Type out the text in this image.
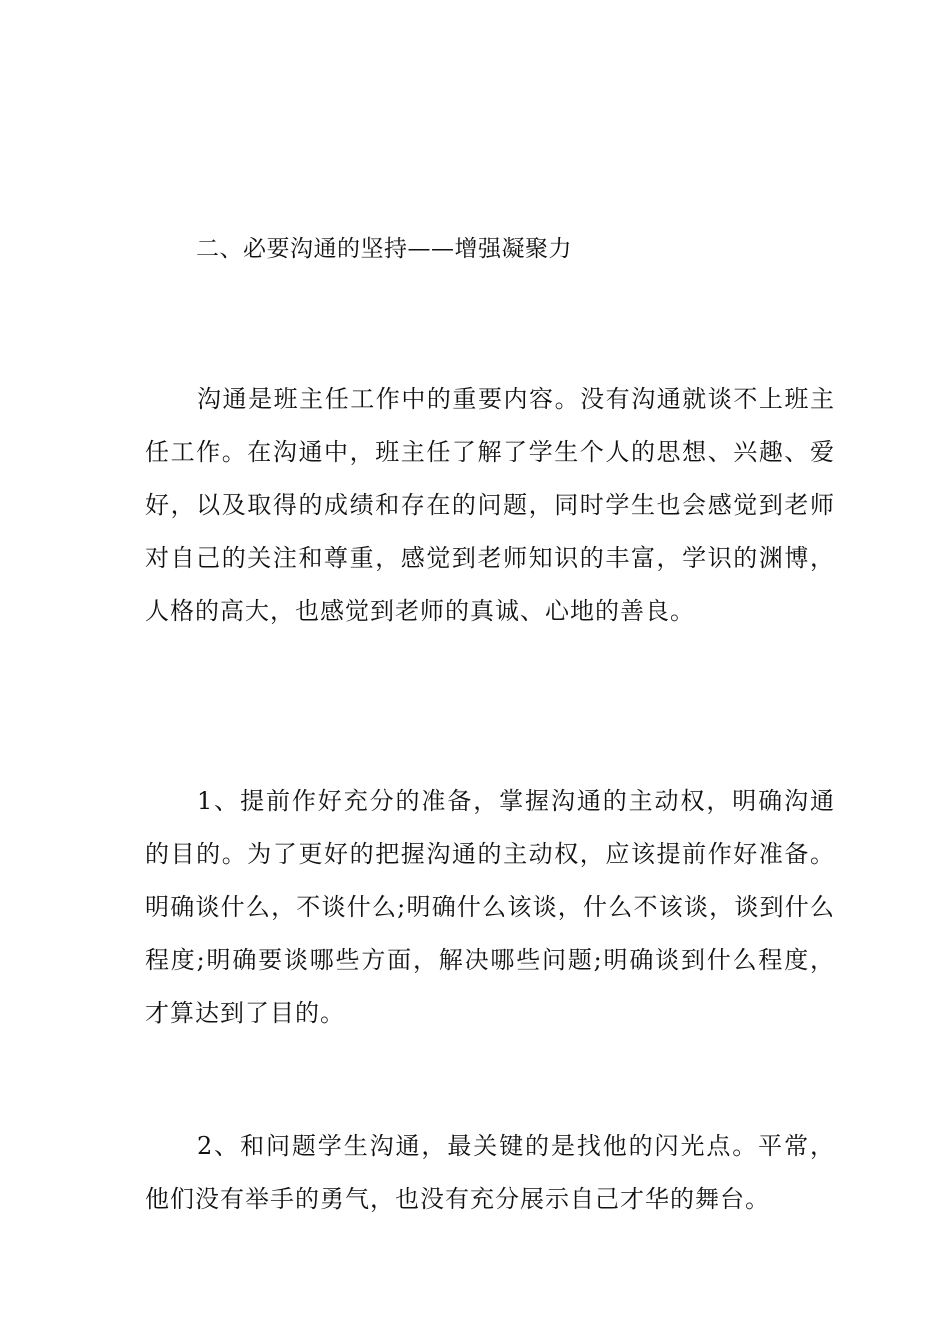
二、必要沟通的坚持——增强凝聚力

沟通是班主任工作中的重要内容。没有沟通就谈不上班主任工作。在沟通中，班主任了解了学生个人的思想、兴趣、爱好，以及取得的成绩和存在的问题，同时学生也会感觉到老师对自己的关注和尊重，感觉到老师知识的丰富，学识的渊博，人格的高大，也感觉到老师的真诚、心地的善良。

1、提前作好充分的准备，掌握沟通的主动权，明确沟通的目的。为了更好的把握沟通的主动权，应该提前作好准备。明确谈什么，不谈什么;明确什么该谈，什么不该谈，谈到什么程度;明确要谈哪些方面，解决哪些问题;明确谈到什么程度，才算达到了目的。

2、和问题学生沟通，最关键的是找他的闪光点。平常，他们没有举手的勇气，也没有充分展示自己才华的舞台。
